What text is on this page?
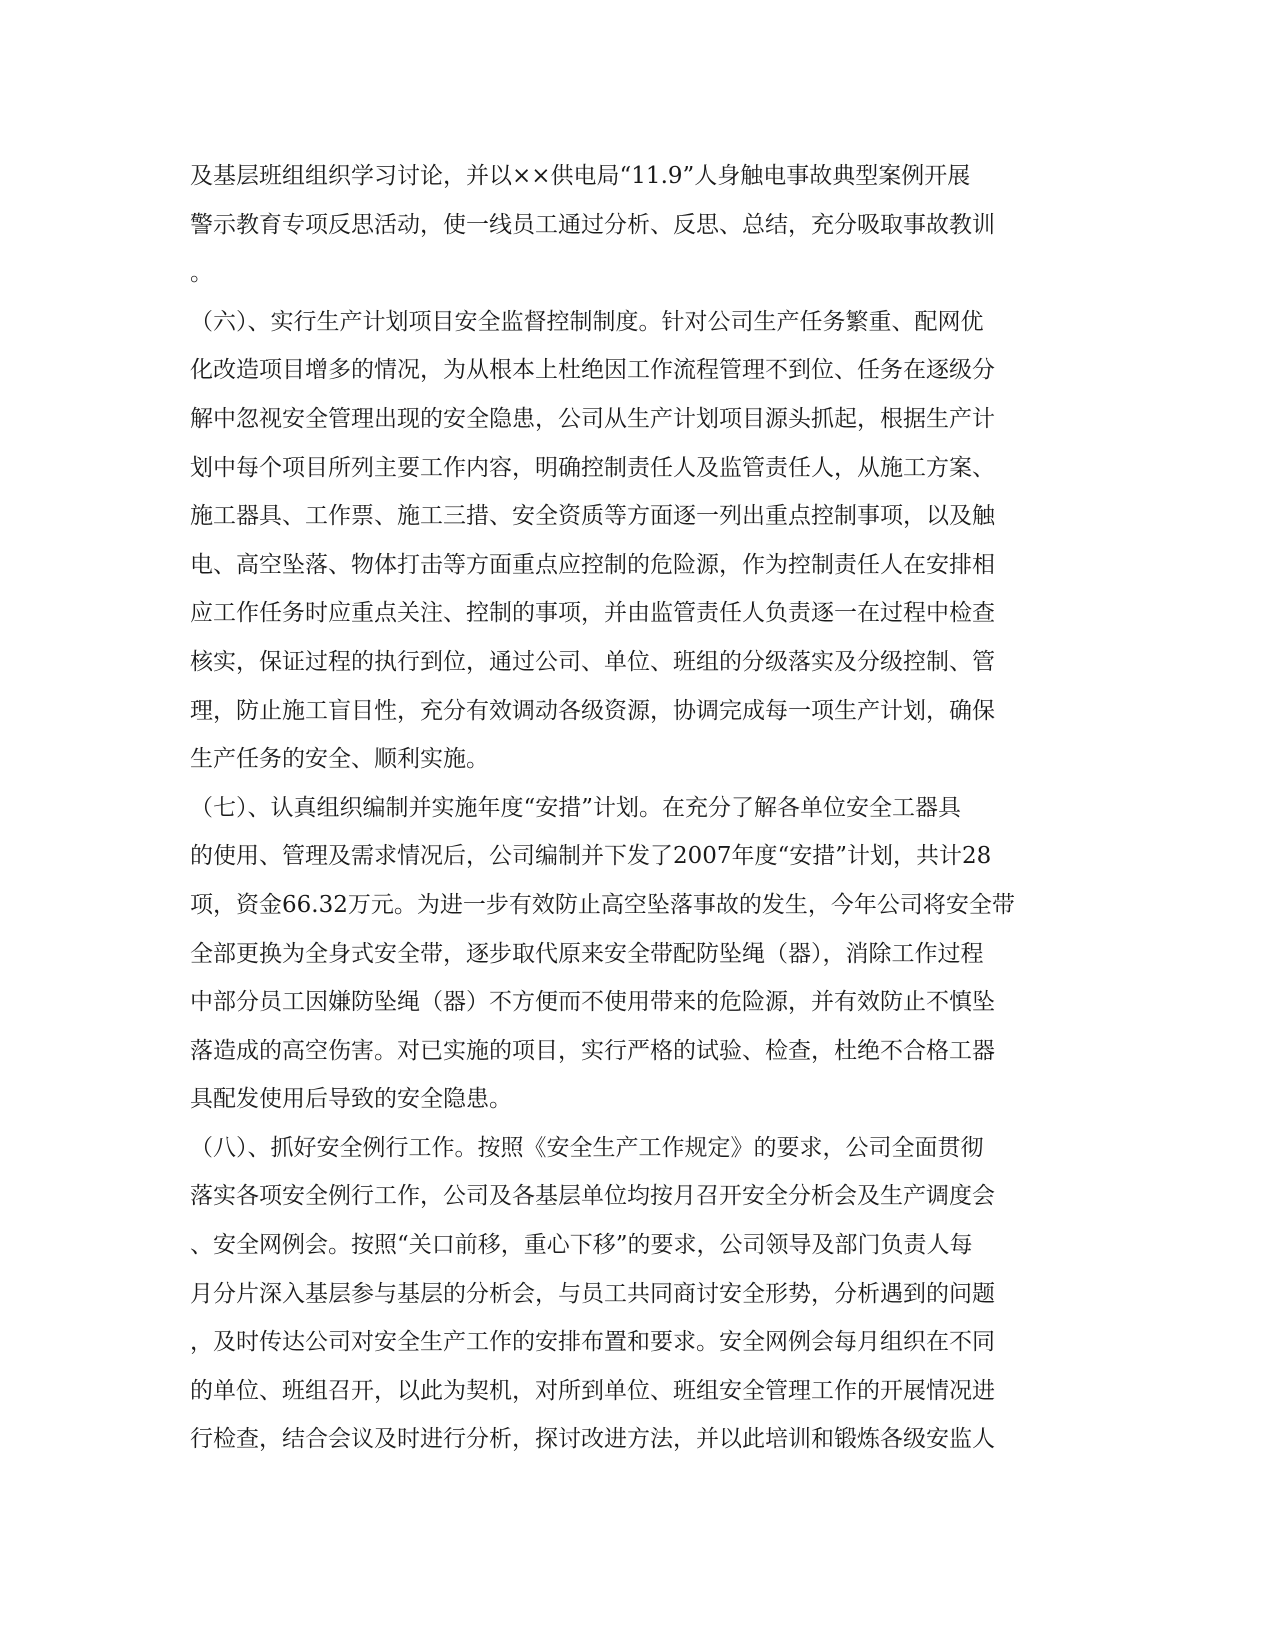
及基层班组组织学习讨论，并以××供电局“11.9”人身触电事故典型案例开展
警示教育专项反思活动，使一线员工通过分析、反思、总结，充分吸取事故教训
。
（六）、实行生产计划项目安全监督控制制度。针对公司生产任务繁重、配网优
化改造项目增多的情况，为从根本上杜绝因工作流程管理不到位、任务在逐级分
解中忽视安全管理出现的安全隐患，公司从生产计划项目源头抓起，根据生产计
划中每个项目所列主要工作内容，明确控制责任人及监管责任人，从施工方案、
施工器具、工作票、施工三措、安全资质等方面逐一列出重点控制事项，以及触
电、高空坠落、物体打击等方面重点应控制的危险源，作为控制责任人在安排相
应工作任务时应重点关注、控制的事项，并由监管责任人负责逐一在过程中检查
核实，保证过程的执行到位，通过公司、单位、班组的分级落实及分级控制、管
理，防止施工盲目性，充分有效调动各级资源，协调完成每一项生产计划，确保
生产任务的安全、顺利实施。
（七）、认真组织编制并实施年度“安措”计划。在充分了解各单位安全工器具
的使用、管理及需求情况后，公司编制并下发了2007年度“安措”计划，共计28
项，资金66.32万元。为进一步有效防止高空坠落事故的发生，今年公司将安全带
全部更换为全身式安全带，逐步取代原来安全带配防坠绳（器），消除工作过程
中部分员工因嫌防坠绳（器）不方便而不使用带来的危险源，并有效防止不慎坠
落造成的高空伤害。对已实施的项目，实行严格的试验、检查，杜绝不合格工器
具配发使用后导致的安全隐患。
（八）、抓好安全例行工作。按照《安全生产工作规定》的要求，公司全面贯彻
落实各项安全例行工作，公司及各基层单位均按月召开安全分析会及生产调度会
、安全网例会。按照“关口前移，重心下移”的要求，公司领导及部门负责人每
月分片深入基层参与基层的分析会，与员工共同商讨安全形势，分析遇到的问题
，及时传达公司对安全生产工作的安排布置和要求。安全网例会每月组织在不同
的单位、班组召开，以此为契机，对所到单位、班组安全管理工作的开展情况进
行检查，结合会议及时进行分析，探讨改进方法，并以此培训和锻炼各级安监人
